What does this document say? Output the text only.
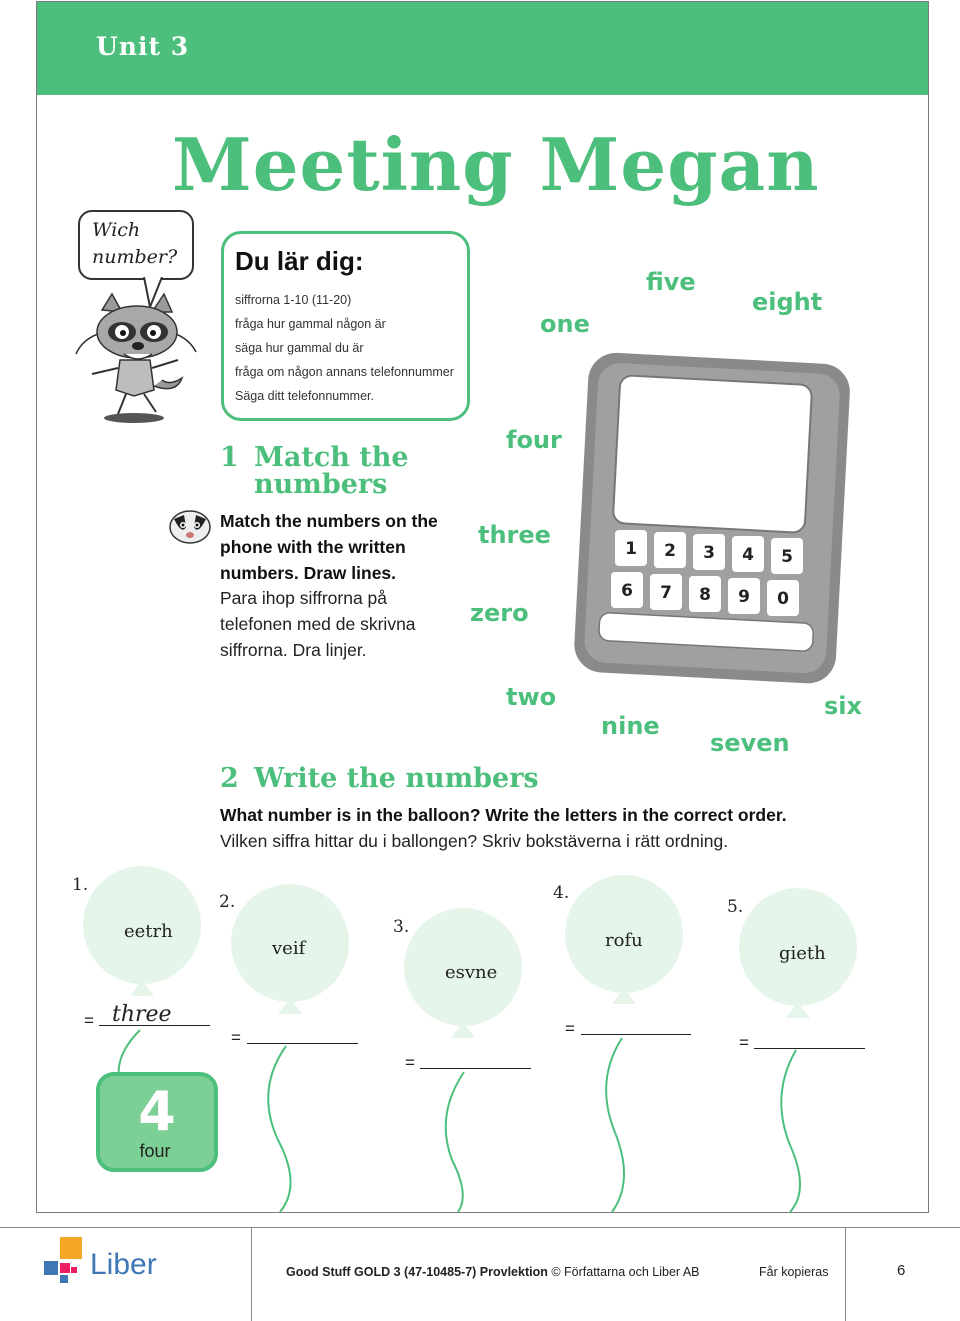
Unit 3
Meeting Megan
Wich
number?	Du lär dig:
siffrorna 1-10 (11-20)
fråga hur gammal någon är
säga hur gammal du är
fråga om någon annans telefonnummer
Säga ditt telefonnummer.
1 Match the
numbers
Match the numbers on the phone with the written numbers. Draw lines.
Para ihop siffrorna på telefonen med de skrivna siffrorna. Dra linjer.
one
five
eight
four
three
zero
two
nine
seven
six
1 2 3 4 5
6 7 8 9 0
2 Write the numbers
What number is in the balloon? Write the letters in the correct order.
Vilken siffra hittar du i ballongen? Skriv bokstäverna i rätt ordning.
1.
eetrh
= three
2.
veif
=
3.
esvne
=
4.
rofu
=
5.
gieth
=
4
four
Liber	Good Stuff GOLD 3 (47-10485-7) Provlektion © Författarna och Liber AB	Får kopieras	6
